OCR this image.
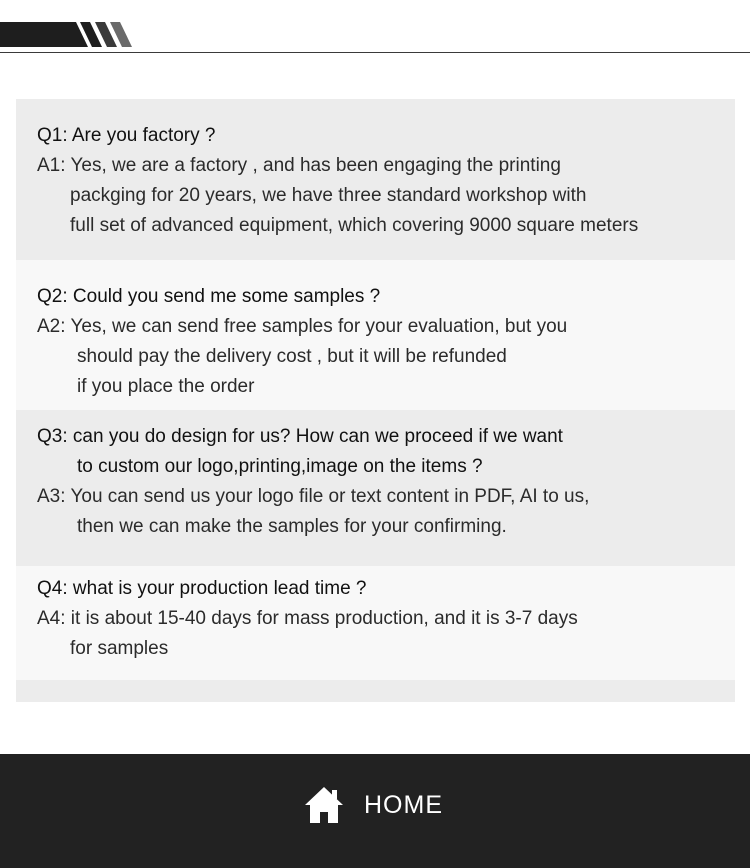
Q1: Are you factory ?
A1: Yes, we are a factory , and has been engaging the printing
packging for 20 years, we have three standard workshop with
full set of advanced equipment, which covering 9000 square meters
Q2: Could you send me some samples ?
A2: Yes, we can send free samples for your evaluation, but you
should pay the delivery cost , but it will be refunded
if you place the order
Q3: can you do design for us? How can we proceed if we want
to custom our logo,printing,image on the items ?
A3: You can send us your logo file or text content in PDF, AI to us,
then we can make the samples for your confirming.
Q4: what is your production lead time ?
A4: it is about 15-40 days for mass production, and it is 3-7 days
for samples
HOME
